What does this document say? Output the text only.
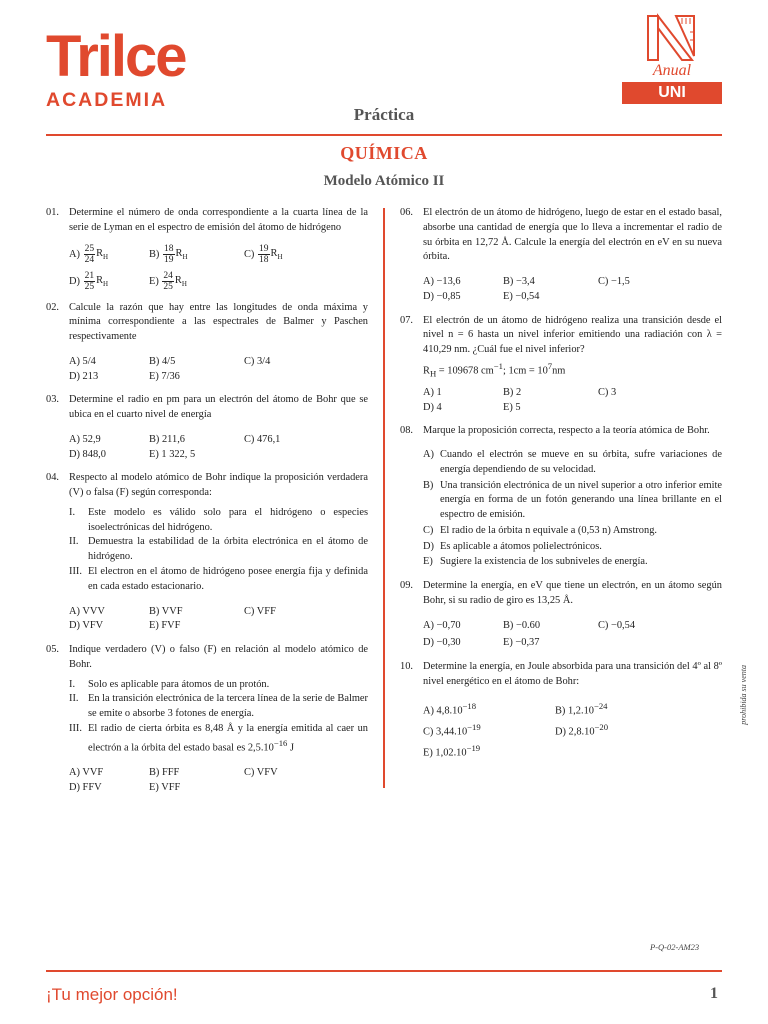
Trilce
ACADEMIA
Anual
UNI
Práctica
QUÍMICA
Modelo Atómico II
01. Determine el número de onda correspondiente a la cuarta línea de la serie de Lyman en el espectro de emisión del átomo de hidrógeno
$A) \frac{25}{24} R_H$	$B) \frac{18}{19} R_H$	$C) \frac{19}{18} R_H$
$D) \frac{21}{25} R_H$	$E) \frac{24}{25} R_H$
02. Calcule la razón que hay entre las longitudes de onda máxima y mínima correspondiente a las espectrales de Balmer y Paschen respectivamente
A) 5/4	B) 4/5	C) 3/4
D) 213	E) 7/36
03. Determine el radio en pm para un electrón del átomo de Bohr que se ubica en el cuarto nivel de energía
A) 52,9	B) 211,6	C) 476,1
D) 848,0	E) 1 322, 5
04. Respecto al modelo atómico de Bohr indique la proposición verdadera (V) o falsa (F) según corresponda:
I. Este modelo es válido solo para el hidrógeno o especies isoelectrónicas del hidrógeno.
II. Demuestra la estabilidad de la órbita electrónica en el átomo de hidrógeno.
III. El electron en el átomo de hidrógeno posee energía fija y definida en cada estado estacionario.
A) VVV	B) VVF	C) VFF
D) VFV	E) FVF
05. Indique verdadero (V) o falso (F) en relación al modelo atómico de Bohr.
I. Solo es aplicable para átomos de un protón.
II. En la transición electrónica de la tercera línea de la serie de Balmer se emite o absorbe 3 fotones de energía.
III. El radio de cierta órbita es 8,48 Å y la energía emitida al caer un electrón a la órbita del estado basal es $2,5.10^{-16}$ J
A) VVF	B) FFF	C) VFV
D) FFV	E) VFF
06. El electrón de un átomo de hidrógeno, luego de estar en el estado basal, absorbe una cantidad de energía que lo lleva a incrementar el radio de su órbita en 12,72 Å. Calcule la energía del electrón en eV en su nueva órbita.
A) −13,6	B) −3,4	C) −1,5
D) −0,85	E) −0,54
07. El electrón de un átomo de hidrógeno realiza una transición desde el nivel n = 6 hasta un nivel inferior emitiendo una radiación con λ = 410,29 nm. ¿Cuál fue el nivel inferior?
$R_H = 109678$ $cm^{-1}$; $1cm = 10^7nm$
A) 1	B) 2	C) 3
D) 4	E) 5
08. Marque la proposición correcta, respecto a la teoría atómica de Bohr.
A) Cuando el electrón se mueve en su órbita, sufre variaciones de energía dependiendo de su velocidad.
B) Una transición electrónica de un nivel superior a otro inferior emite energía en forma de un fotón generando una línea brillante en el espectro de emisión.
C) El radio de la órbita n equivale a (0,53 n) Amstrong.
D) Es aplicable a átomos polielectrónicos.
E) Sugiere la existencia de los subniveles de energía.
09. Determine la energía, en eV que tiene un electrón, en un átomo según Bohr, si su radio de giro es 13,25 Å.
A) −0,70	B) −0.60	C) −0,54
D) −0,30	E) −0,37
10. Determine la energía, en Joule absorbida para una transición del 4º al 8º nivel energético en el átomo de Bohr:
A) $4,8.10^{-18}$	B) $1,2.10^{-24}$
C) $3,44.10^{-19}$	D) $2,8.10^{-20}$
E) $1,02.10^{-19}$
P-Q-02-AM23
prohibida su venta
¡Tu mejor opción!	1
